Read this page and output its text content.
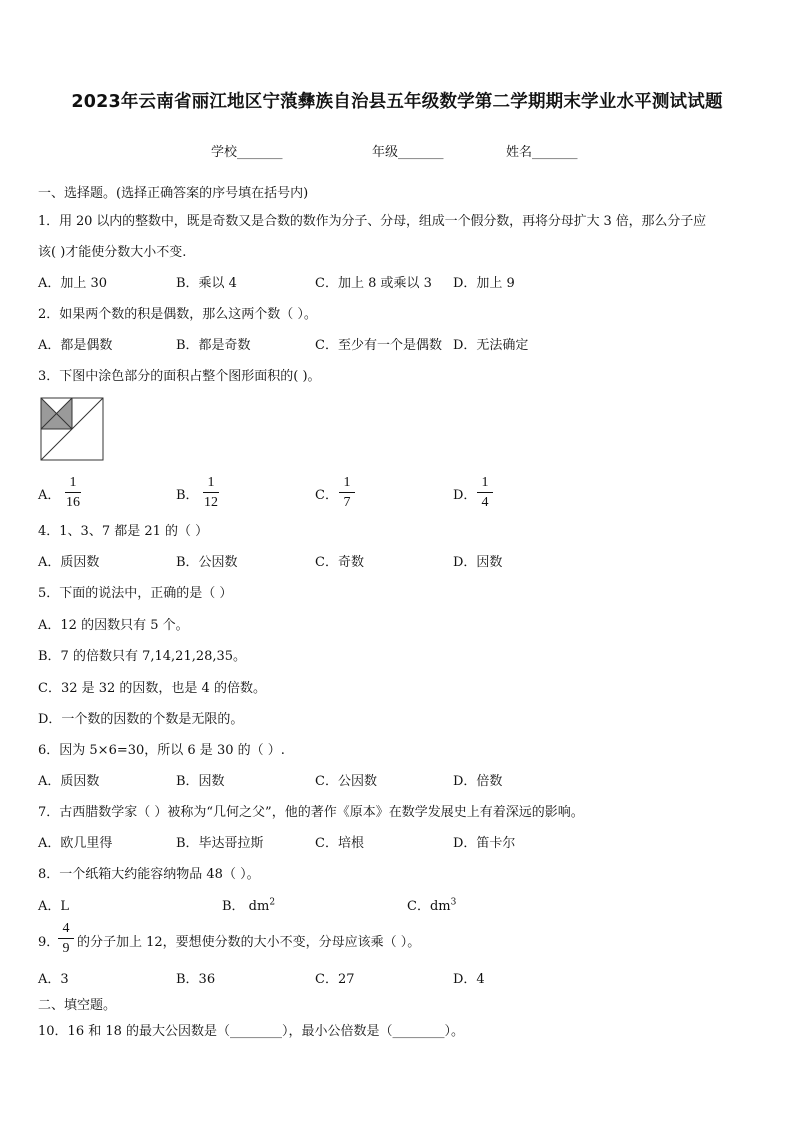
2023年云南省丽江地区宁蒗彝族自治县五年级数学第二学期期末学业水平测试试题
学校_______	年级_______	姓名_______
一、选择题。(选择正确答案的序号填在括号内)
1．用 20 以内的整数中，既是奇数又是合数的数作为分子、分母，组成一个假分数，再将分母扩大 3 倍，那么分子应
该( )才能使分数大小不变.
A．加上 30	B．乘以 4	C．加上 8 或乘以 3 D．加上 9
2．如果两个数的积是偶数，那么这两个数（ ）。
A．都是偶数	B．都是奇数	C．至少有一个是偶数 D．无法确定
3．下图中涂色部分的面积占整个图形面积的( )。
A．
1
16	B．
1
12	C．
1
7	D．
1
4
4．1、3、7 都是 21 的（ ）
A．质因数	B．公因数	C．奇数	D．因数
5．下面的说法中，正确的是（ ）
A．12 的因数只有 5 个。
B．7 的倍数只有 7,14,21,28,35。
C．32 是 32 的因数，也是 4 的倍数。
D．一个数的因数的个数是无限的。
6．因为 5×6=30，所以 6 是 30 的（ ）.
A．质因数	B．因数	C．公因数	D．倍数
7．古西腊数学家（ ）被称为“几何之父”，他的著作《原本》在数学发展史上有着深远的影响。
A．欧几里得	B．毕达哥拉斯	C．培根	D．笛卡尔
8．一个纸箱大约能容纳物品 48（ ）。
A．L	B． $dm^2$	C．$dm^3$
9．
4
9 的分子加上 12，要想使分数的大小不变，分母应该乘（ ）。
A．3	B．36	C．27	D．4
二、填空题。
10．16 和 18 的最大公因数是（________），最小公倍数是（________）。
